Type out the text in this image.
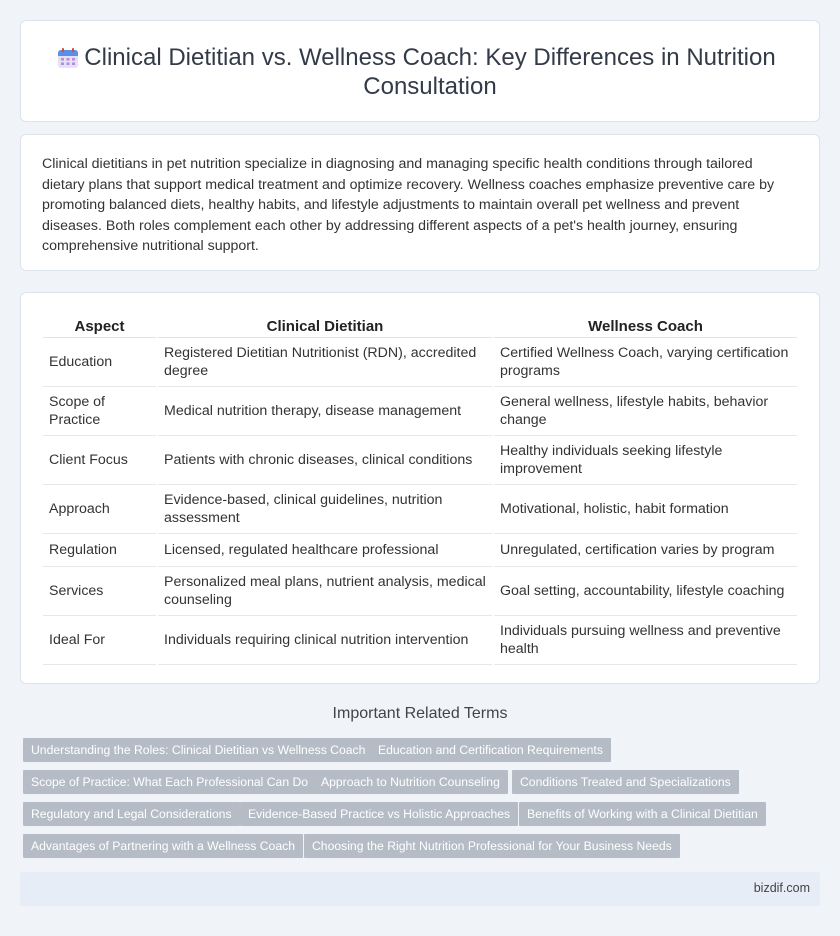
Clinical Dietitian vs. Wellness Coach: Key Differences in Nutrition Consultation

Clinical dietitians in pet nutrition specialize in diagnosing and managing specific health conditions through tailored dietary plans that support medical treatment and optimize recovery. Wellness coaches emphasize preventive care by promoting balanced diets, healthy habits, and lifestyle adjustments to maintain overall pet wellness and prevent diseases. Both roles complement each other by addressing different aspects of a pet's health journey, ensuring comprehensive nutritional support.

Aspect	Clinical Dietitian	Wellness Coach
Education	Registered Dietitian Nutritionist (RDN), accredited degree	Certified Wellness Coach, varying certification programs
Scope of Practice	Medical nutrition therapy, disease management	General wellness, lifestyle habits, behavior change
Client Focus	Patients with chronic diseases, clinical conditions	Healthy individuals seeking lifestyle improvement
Approach	Evidence-based, clinical guidelines, nutrition assessment	Motivational, holistic, habit formation
Regulation	Licensed, regulated healthcare professional	Unregulated, certification varies by program
Services	Personalized meal plans, nutrient analysis, medical counseling	Goal setting, accountability, lifestyle coaching
Ideal For	Individuals requiring clinical nutrition intervention	Individuals pursuing wellness and preventive health
Important Related Terms
Understanding the Roles: Clinical Dietitian vs Wellness Coach	Education and Certification Requirements
Scope of Practice: What Each Professional Can Do	Approach to Nutrition Counseling	Conditions Treated and Specializations
Regulatory and Legal Considerations	Evidence-Based Practice vs Holistic Approaches	Benefits of Working with a Clinical Dietitian
Advantages of Partnering with a Wellness Coach	Choosing the Right Nutrition Professional for Your Business Needs
bizdif.com
